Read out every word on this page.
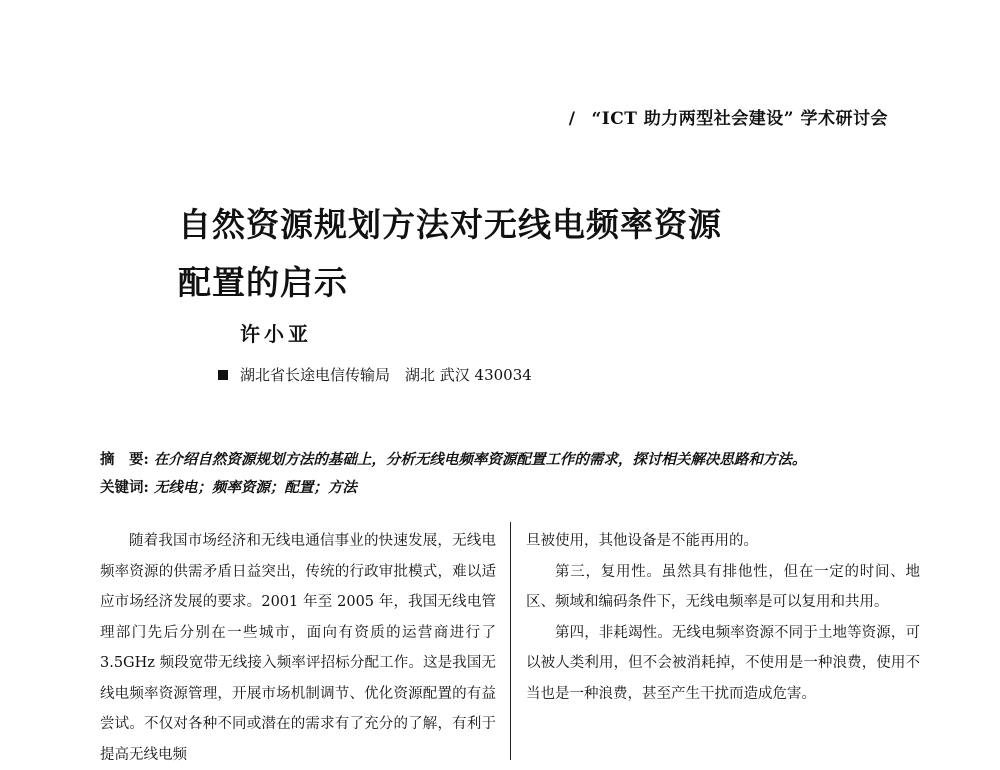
/ “ICT 助力两型社会建设” 学术研讨会
自然资源规划方法对无线电频率资源
配置的启示
许小亚
湖北省长途电信传输局　湖北 武汉 430034
摘　要: 在介绍自然资源规划方法的基础上，分析无线电频率资源配置工作的需求，探讨相关解决思路和方法。
关键词: 无线电；频率资源；配置；方法

随着我国市场经济和无线电通信事业的快速发展，无线电频率资源的供需矛盾日益突出，传统的行政审批模式，难以适应市场经济发展的要求。2001 年至 2005 年，我国无线电管理部门先后分别在一些城市，面向有资质的运营商进行了 3.5GHz 频段宽带无线接入频率评招标分配工作。这是我国无线电频率资源管理，开展市场机制调节、优化资源配置的有益尝试。不仅对各种不同或潜在的需求有了充分的了解，有利于提高无线电频

旦被使用，其他设备是不能再用的。

第三，复用性。虽然具有排他性，但在一定的时间、地区、频域和编码条件下，无线电频率是可以复用和共用。

第四，非耗竭性。无线电频率资源不同于土地等资源，可以被人类利用，但不会被消耗掉，不使用是一种浪费，使用不当也是一种浪费，甚至产生干扰而造成危害。
